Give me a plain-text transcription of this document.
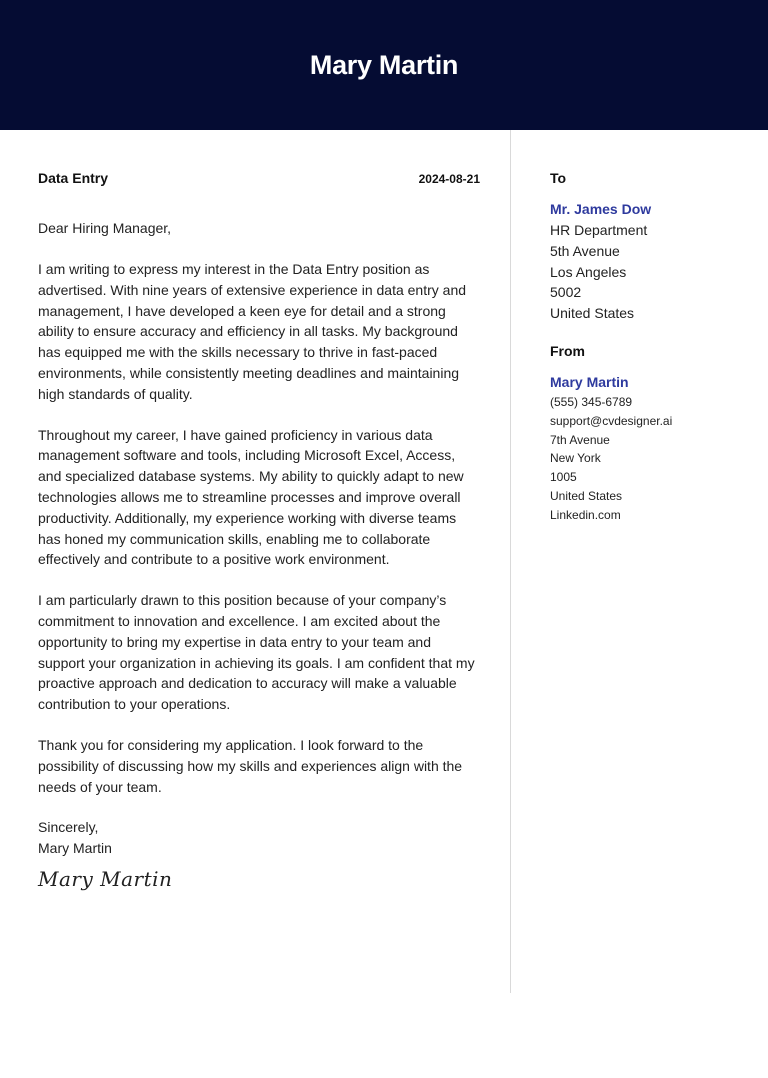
Mary Martin
Data Entry	2024-08-21
Dear Hiring Manager,

I am writing to express my interest in the Data Entry position as advertised. With nine years of extensive experience in data entry and management, I have developed a keen eye for detail and a strong ability to ensure accuracy and efficiency in all tasks. My background has equipped me with the skills necessary to thrive in fast-paced environments, while consistently meeting deadlines and maintaining high standards of quality.

Throughout my career, I have gained proficiency in various data management software and tools, including Microsoft Excel, Access, and specialized database systems. My ability to quickly adapt to new technologies allows me to streamline processes and improve overall productivity. Additionally, my experience working with diverse teams has honed my communication skills, enabling me to collaborate effectively and contribute to a positive work environment.

I am particularly drawn to this position because of your company’s commitment to innovation and excellence. I am excited about the opportunity to bring my expertise in data entry to your team and support your organization in achieving its goals. I am confident that my proactive approach and dedication to accuracy will make a valuable contribution to your operations.

Thank you for considering my application. I look forward to the possibility of discussing how my skills and experiences align with the needs of your team.

Sincerely,
Mary Martin
Mary Martin
To
Mr. James Dow
HR Department
5th Avenue
Los Angeles
5002
United States
From
Mary Martin
(555) 345-6789
support@cvdesigner.ai
7th Avenue
New York
1005
United States
Linkedin.com
